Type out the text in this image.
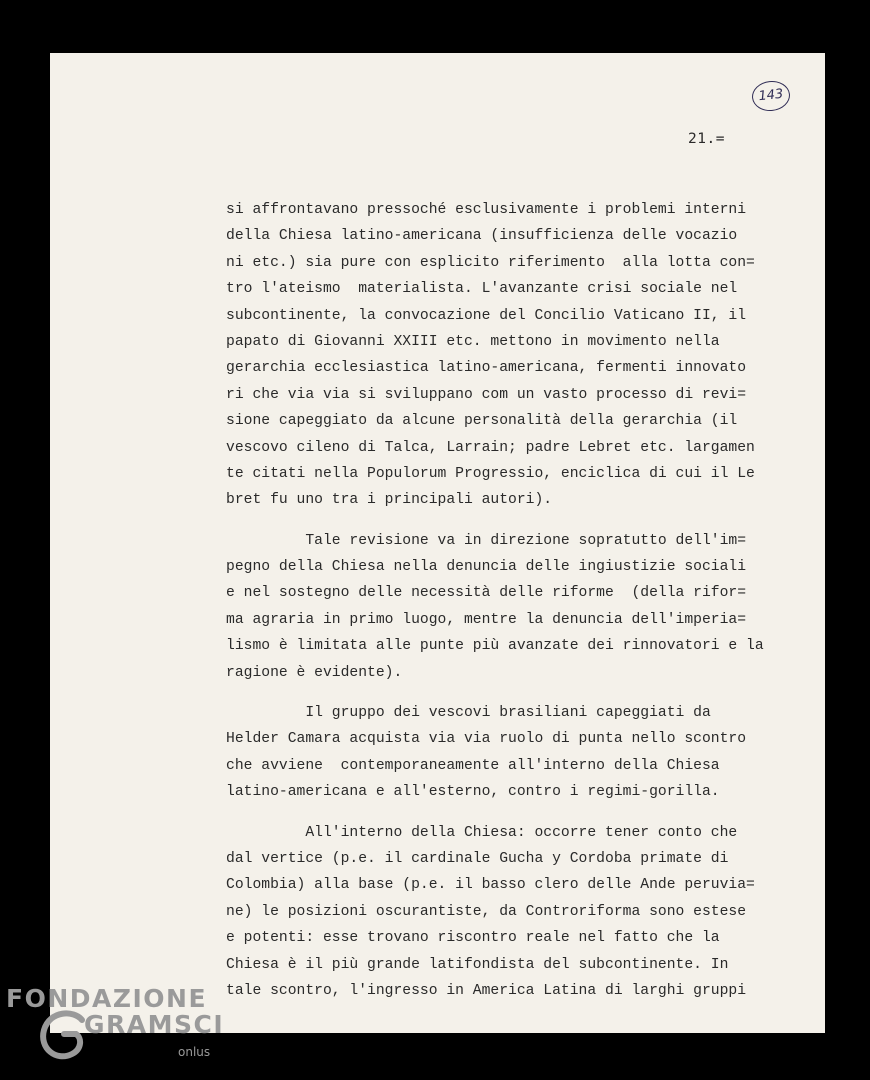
143
21.=
si affrontavano pressoché esclusivamente i problemi interni
della Chiesa latino-americana (insufficienza delle vocazio
ni etc.) sia pure con esplicito riferimento  alla lotta con=
tro l'ateismo  materialista. L'avanzante crisi sociale nel
subcontinente, la convocazione del Concilio Vaticano II, il
papato di Giovanni XXIII etc. mettono in movimento nella
gerarchia ecclesiastica latino-americana, fermenti innovato
ri che via via si sviluppano com un vasto processo di revi=
sione capeggiato da alcune personalità della gerarchia (il
vescovo cileno di Talca, Larrain; padre Lebret etc. largamen
te citati nella Populorum Progressio, enciclica di cui il Le
bret fu uno tra i principali autori).
Tale revisione va in direzione sopratutto dell'im=
pegno della Chiesa nella denuncia delle ingiustizie sociali
e nel sostegno delle necessità delle riforme  (della rifor=
ma agraria in primo luogo, mentre la denuncia dell'imperia=
lismo è limitata alle punte più avanzate dei rinnovatori e la
ragione è evidente).
Il gruppo dei vescovi brasiliani capeggiati da
Helder Camara acquista via via ruolo di punta nello scontro
che avviene  contemporaneamente all'interno della Chiesa
latino-americana e all'esterno, contro i regimi-gorilla.
All'interno della Chiesa: occorre tener conto che
dal vertice (p.e. il cardinale Gucha y Cordoba primate di
Colombia) alla base (p.e. il basso clero delle Ande peruvia=
ne) le posizioni oscurantiste, da Controriforma sono estese
e potenti: esse trovano riscontro reale nel fatto che la
Chiesa è il più grande latifondista del subcontinente. In
tale scontro, l'ingresso in America Latina di larghi gruppi
FONDAZIONE
GRAMSCI
onlus
